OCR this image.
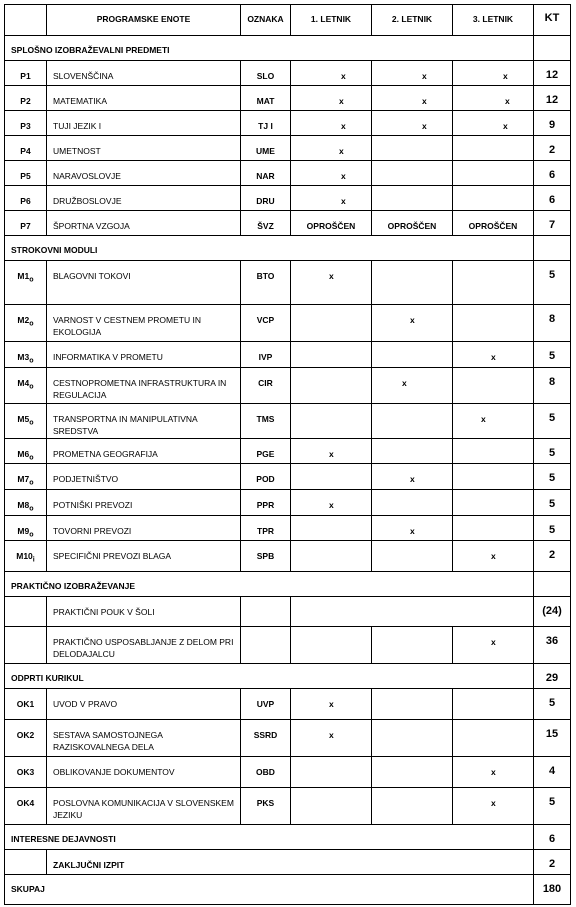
	PROGRAMSKE ENOTE	OZNAKA	1. LETNIK	2. LETNIK	3. LETNIK	KT
SPLOŠNO IZOBRAŽEVALNI PREDMETI						
P1	SLOVENŠČINA	SLO	x	x	x	12
P2	MATEMATIKA	MAT	x	x	x	12
P3	TUJI JEZIK I	TJ I	x	x	x	9
P4	UMETNOST	UME	x			2
P5	NARAVOSLOVJE	NAR	x			6
P6	DRUŽBOSLOVJE	DRU	x			6
P7	ŠPORTNA VZGOJA	ŠVZ	OPROŠČEN	OPROŠČEN	OPROŠČEN	7
STROKOVNI MODULI						
$M1_o$	BLAGOVNI TOKOVI	BTO	x			5
$M2_o$	VARNOST V CESTNEM PROMETU IN EKOLOGIJA	VCP		x		8
$M3_o$	INFORMATIKA V PROMETU	IVP			x	5
$M4_o$	CESTNOPROMETNA INFRASTRUKTURA IN REGULACIJA	CIR		x		8
$M5_o$	TRANSPORTNA IN MANIPULATIVNA SREDSTVA	TMS			x	5
$M6_o$	PROMETNA GEOGRAFIJA	PGE	x			5
$M7_o$	PODJETNIŠTVO	POD		x		5
$M8_o$	POTNIŠKI PREVOZI	PPR	x			5
$M9_o$	TOVORNI PREVOZI	TPR		x		5
$M10_i$	SPECIFIČNI PREVOZI BLAGA	SPB			x	2
PRAKTIČNO IZOBRAŽEVANJE						
	PRAKTIČNI POUK V ŠOLI					(24)
	PRAKTIČNO USPOSABLJANJE Z DELOM PRI DELODAJALCU				x	36
ODPRTI KURIKUL						29
OK1	UVOD V PRAVO	UVP	x			5
OK2	SESTAVA SAMOSTOJNEGA RAZISKOVALNEGA DELA	SSRD	x			15
OK3	OBLIKOVANJE DOKUMENTOV	OBD			x	4
OK4	POSLOVNA KOMUNIKACIJA V SLOVENSKEM JEZIKU	PKS			x	5
INTERESNE DEJAVNOSTI						6
	ZAKLJUČNI IZPIT					2
SKUPAJ						180
